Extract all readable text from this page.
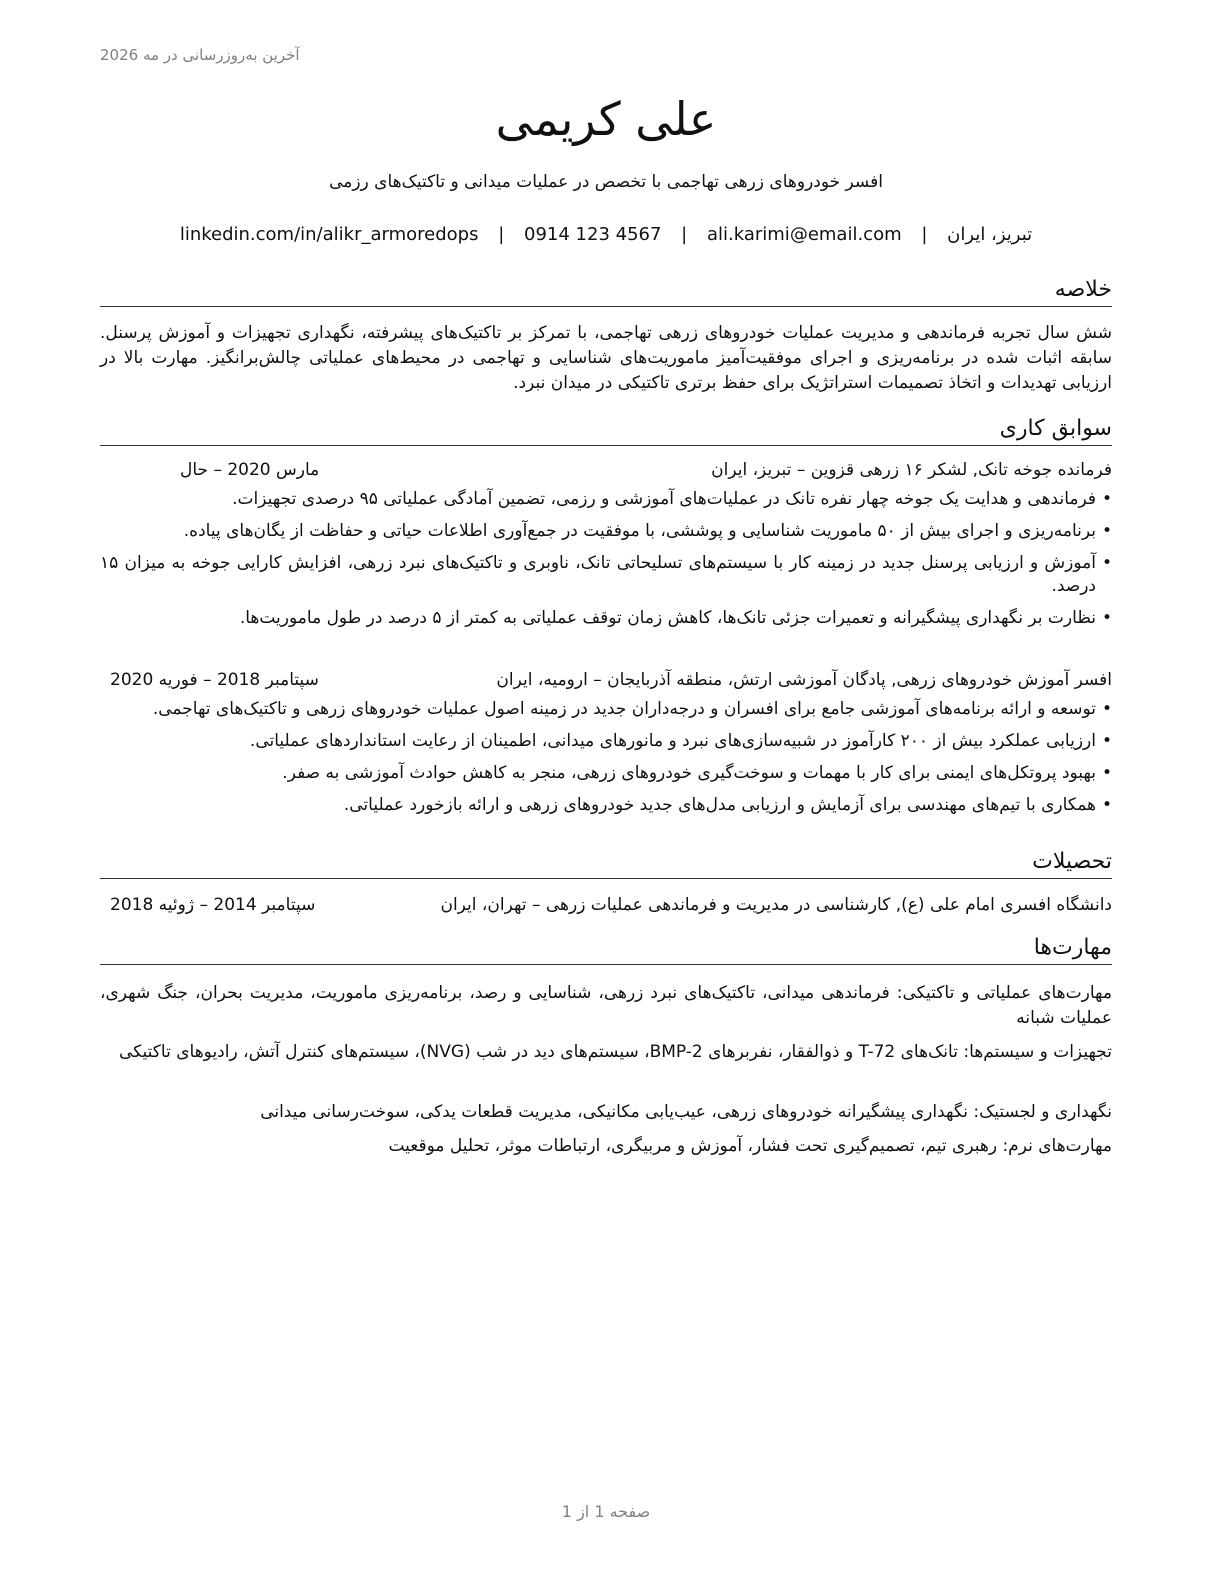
آخرین به‌روزرسانی در مه 2026
علی کریمی
افسر خودروهای زرهی تهاجمی با تخصص در عملیات میدانی و تاکتیک‌های رزمی
تبریز، ایران | ali.karimi@email.com | 0914 123 4567 | linkedin.com/in/alikr_armoredops
خلاصه

شش سال تجربه فرماندهی و مدیریت عملیات خودروهای زرهی تهاجمی، با تمرکز بر تاکتیک‌های پیشرفته، نگهداری تجهیزات و آموزش پرسنل. سابقه اثبات شده در برنامه‌ریزی و اجرای موفقیت‌آمیز ماموریت‌های شناسایی و تهاجمی در محیط‌های عملیاتی چالش‌برانگیز. مهارت بالا در ارزیابی تهدیدات و اتخاذ تصمیمات استراتژیک برای حفظ برتری تاکتیکی در میدان نبرد.

سوابق کاری
فرمانده جوخه تانک, لشکر ۱۶ زرهی قزوین – تبریز، ایران
مارس 2020 – حال
• فرماندهی و هدایت یک جوخه چهار نفره تانک در عملیات‌های آموزشی و رزمی، تضمین آمادگی عملیاتی ۹۵ درصدی تجهیزات.
• برنامه‌ریزی و اجرای بیش از ۵۰ ماموریت شناسایی و پوششی، با موفقیت در جمع‌آوری اطلاعات حیاتی و حفاظت از یگان‌های پیاده.
• آموزش و ارزیابی پرسنل جدید در زمینه کار با سیستم‌های تسلیحاتی تانک، ناوبری و تاکتیک‌های نبرد زرهی، افزایش کارایی جوخه به میزان ۱۵ درصد.
• نظارت بر نگهداری پیشگیرانه و تعمیرات جزئی تانک‌ها، کاهش زمان توقف عملیاتی به کمتر از ۵ درصد در طول ماموریت‌ها.
افسر آموزش خودروهای زرهی, پادگان آموزشی ارتش، منطقه آذربایجان – ارومیه، ایران
سپتامبر 2018 – فوریه 2020
• توسعه و ارائه برنامه‌های آموزشی جامع برای افسران و درجه‌داران جدید در زمینه اصول عملیات خودروهای زرهی و تاکتیک‌های تهاجمی.
• ارزیابی عملکرد بیش از ۲۰۰ کارآموز در شبیه‌سازی‌های نبرد و مانورهای میدانی، اطمینان از رعایت استانداردهای عملیاتی.
• بهبود پروتکل‌های ایمنی برای کار با مهمات و سوخت‌گیری خودروهای زرهی، منجر به کاهش حوادث آموزشی به صفر.
• همکاری با تیم‌های مهندسی برای آزمایش و ارزیابی مدل‌های جدید خودروهای زرهی و ارائه بازخورد عملیاتی.
تحصیلات
دانشگاه افسری امام علی (ع), کارشناسی در مدیریت و فرماندهی عملیات زرهی – تهران، ایران
سپتامبر 2014 – ژوئیه 2018
مهارت‌ها

مهارت‌های عملیاتی و تاکتیکی: فرماندهی میدانی، تاکتیک‌های نبرد زرهی، شناسایی و رصد، برنامه‌ریزی ماموریت، مدیریت بحران، جنگ شهری، عملیات شبانه

تجهیزات و سیستم‌ها: تانک‌های T-72 و ذوالفقار، نفربرهای BMP-2، سیستم‌های دید در شب (NVG)، سیستم‌های کنترل آتش، رادیوهای تاکتیکی

نگهداری و لجستیک: نگهداری پیشگیرانه خودروهای زرهی، عیب‌یابی مکانیکی، مدیریت قطعات یدکی، سوخت‌رسانی میدانی

مهارت‌های نرم: رهبری تیم، تصمیم‌گیری تحت فشار، آموزش و مربیگری، ارتباطات موثر، تحلیل موقعیت

صفحه 1 از 1
